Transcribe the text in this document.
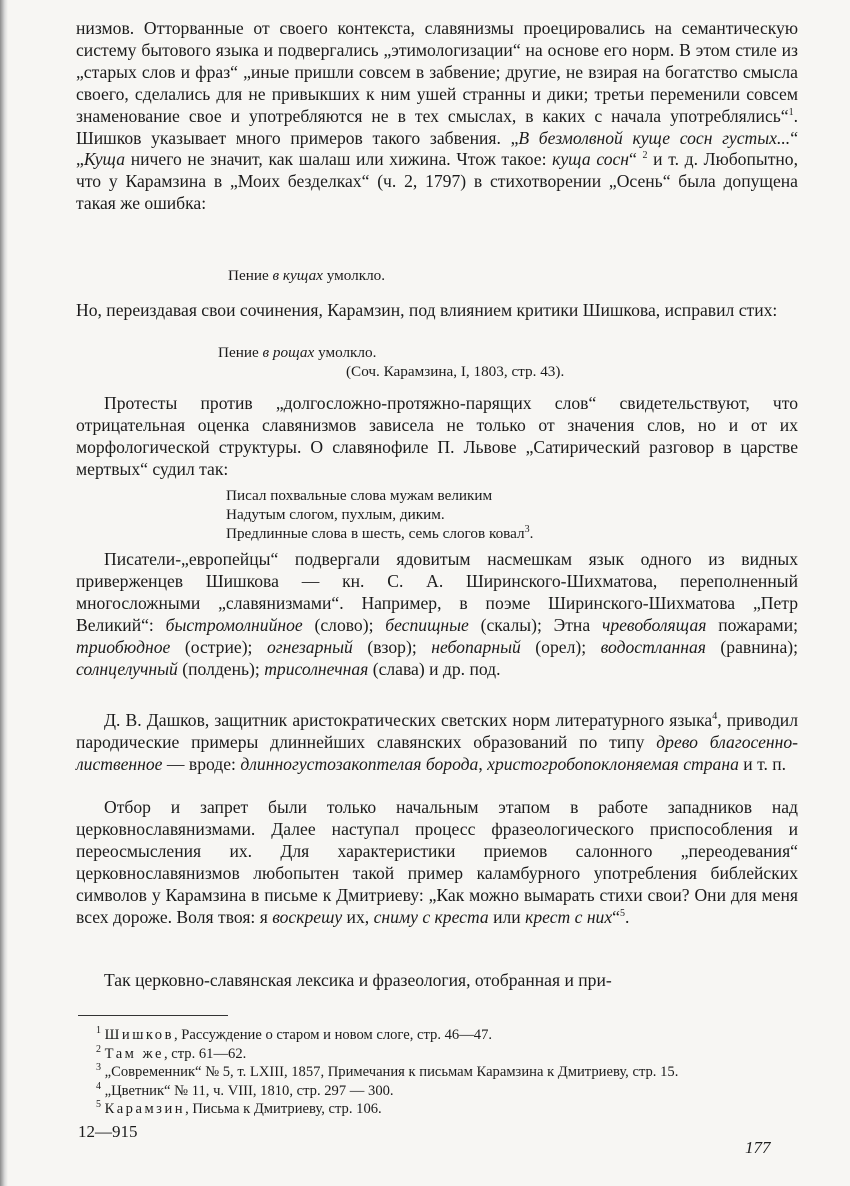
низмов. Отторванные от своего контекста, славянизмы проецировались на семантическую систему бытового языка и подвергались „этимологизации“ на основе его норм. В этом стиле из „старых слов и фраз“ „иные пришли совсем в забвение; другие, не взирая на богатство смысла своего, сделались для не привыкших к ним ушей странны и дики; третьи переменили совсем знаменование свое и употребляются не в тех смыслах, в каких с начала употреблялись“$^1$. Шишков указывает много примеров такого забвения. „В безмолвной куще сосн густых...“ „Куща ничего не значит, как шалаш или хижина. Чтож такое: куща сосн“ $^2$ и т. д. Любопытно, что у Карамзина в „Моих безделках“ (ч. 2, 1797) в стихотворении „Осень“ была допущена такая же ошибка:

Пение в кущах умолкло.

Но, переиздавая свои сочинения, Карамзин, под влиянием критики Шишкова, исправил стих:

Пение в рощах умолкло.

(Соч. Карамзина, I, 1803, стр. 43).

Протесты против „долгосложно-протяжно-парящих слов“ свидетельствуют, что отрицательная оценка славянизмов зависела не только от значения слов, но и от их морфологической структуры. О славянофиле П. Львове „Сатирический разговор в царстве мертвых“ судил так:

Писал похвальные слова мужам великим

Надутым слогом, пухлым, диким.

Предлинные слова в шесть, семь слогов ковал$^3$.

Писатели-„европейцы“ подвергали ядовитым насмешкам язык одного из видных приверженцев Шишкова — кн. С. А. Ширинского-Шихматова, переполненный многосложными „славянизмами“. Например, в поэме Ширинского-Шихматова „Петр Великий“: быстромолнийное (слово); беспищные (скалы); Этна чревоболящая пожарами; триобюдное (острие); огнезарный (взор); небопарный (орел); водостланная (равнина); солнцелучный (полдень); трисолнечная (слава) и др. под.

Д. В. Дашков, защитник аристократических светских норм литературного языка$^4$, приводил пародические примеры длиннейших славянских образований по типу древо благосенно-лиственное — вроде: длинногустозакоптелая борода, христогробопоклоняемая страна и т. п.

Отбор и запрет были только начальным этапом в работе западников над церковнославянизмами. Далее наступал процесс фразеологического приспособления и переосмысления их. Для характеристики приемов салонного „переодевания“ церковнославянизмов любопытен такой пример каламбурного употребления библейских символов у Карамзина в письме к Дмитриеву: „Как можно вымарать стихи свои? Они для меня всех дороже. Воля твоя: я воскрешу их, сниму с креста или крест с них“$^5$.

Так церковно-славянская лексика и фразеология, отобранная и при-

$^1$ Шишков, Рассуждение о старом и новом слоге, стр. 46—47.

$^2$ Там же, стр. 61—62.

$^3$ „Современник“ № 5, т. LXIII, 1857, Примечания к письмам Карамзина к Дмитриеву, стр. 15.

$^4$ „Цветник“ № 11, ч. VIII, 1810, стр. 297 — 300.

$^5$ Карамзин, Письма к Дмитриеву, стр. 106.

12—915
177
